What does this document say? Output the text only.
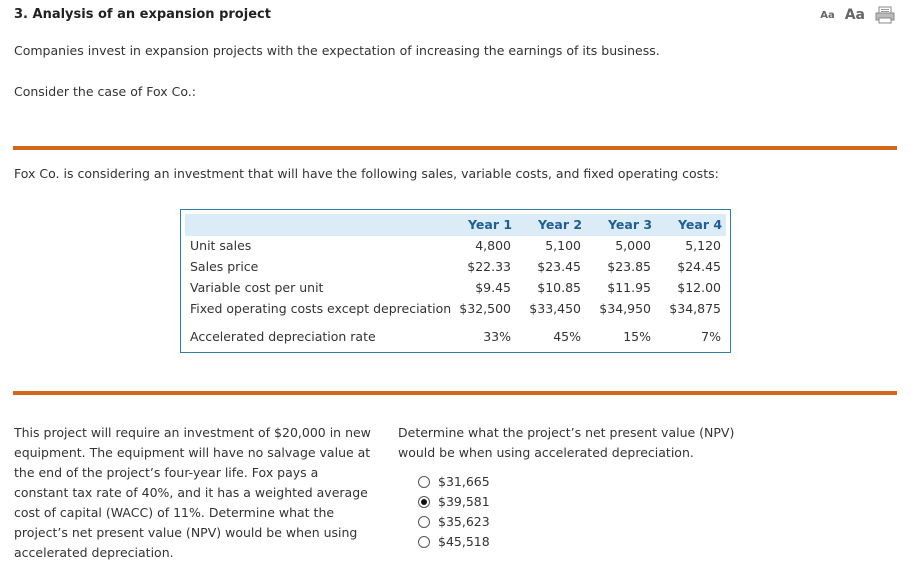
3. Analysis of an expansion project	Aa Aa
Companies invest in expansion projects with the expectation of increasing the earnings of its business.
Consider the case of Fox Co.:
Fox Co. is considering an investment that will have the following sales, variable costs, and fixed operating costs:
Year 1 Year 2 Year 3 Year 4
Unit sales	4,800	5,100	5,000	5,120
Sales price	$22.33	$23.45	$23.85	$24.45
Variable cost per unit	$9.45	$10.85	$11.95	$12.00
Fixed operating costs except depreciation $32,500	$33,450	$34,950	$34,875
Accelerated depreciation rate	33%	45%	15%	7%
This project will require an investment of $20,000 in new
equipment. The equipment will have no salvage value at
the end of the project’s four-year life. Fox pays a
constant tax rate of 40%, and it has a weighted average
cost of capital (WACC) of 11%. Determine what the
project’s net present value (NPV) would be when using
accelerated depreciation.
Determine what the project’s net present value (NPV)
would be when using accelerated depreciation.
$31,665
$39,581
$35,623
$45,518
